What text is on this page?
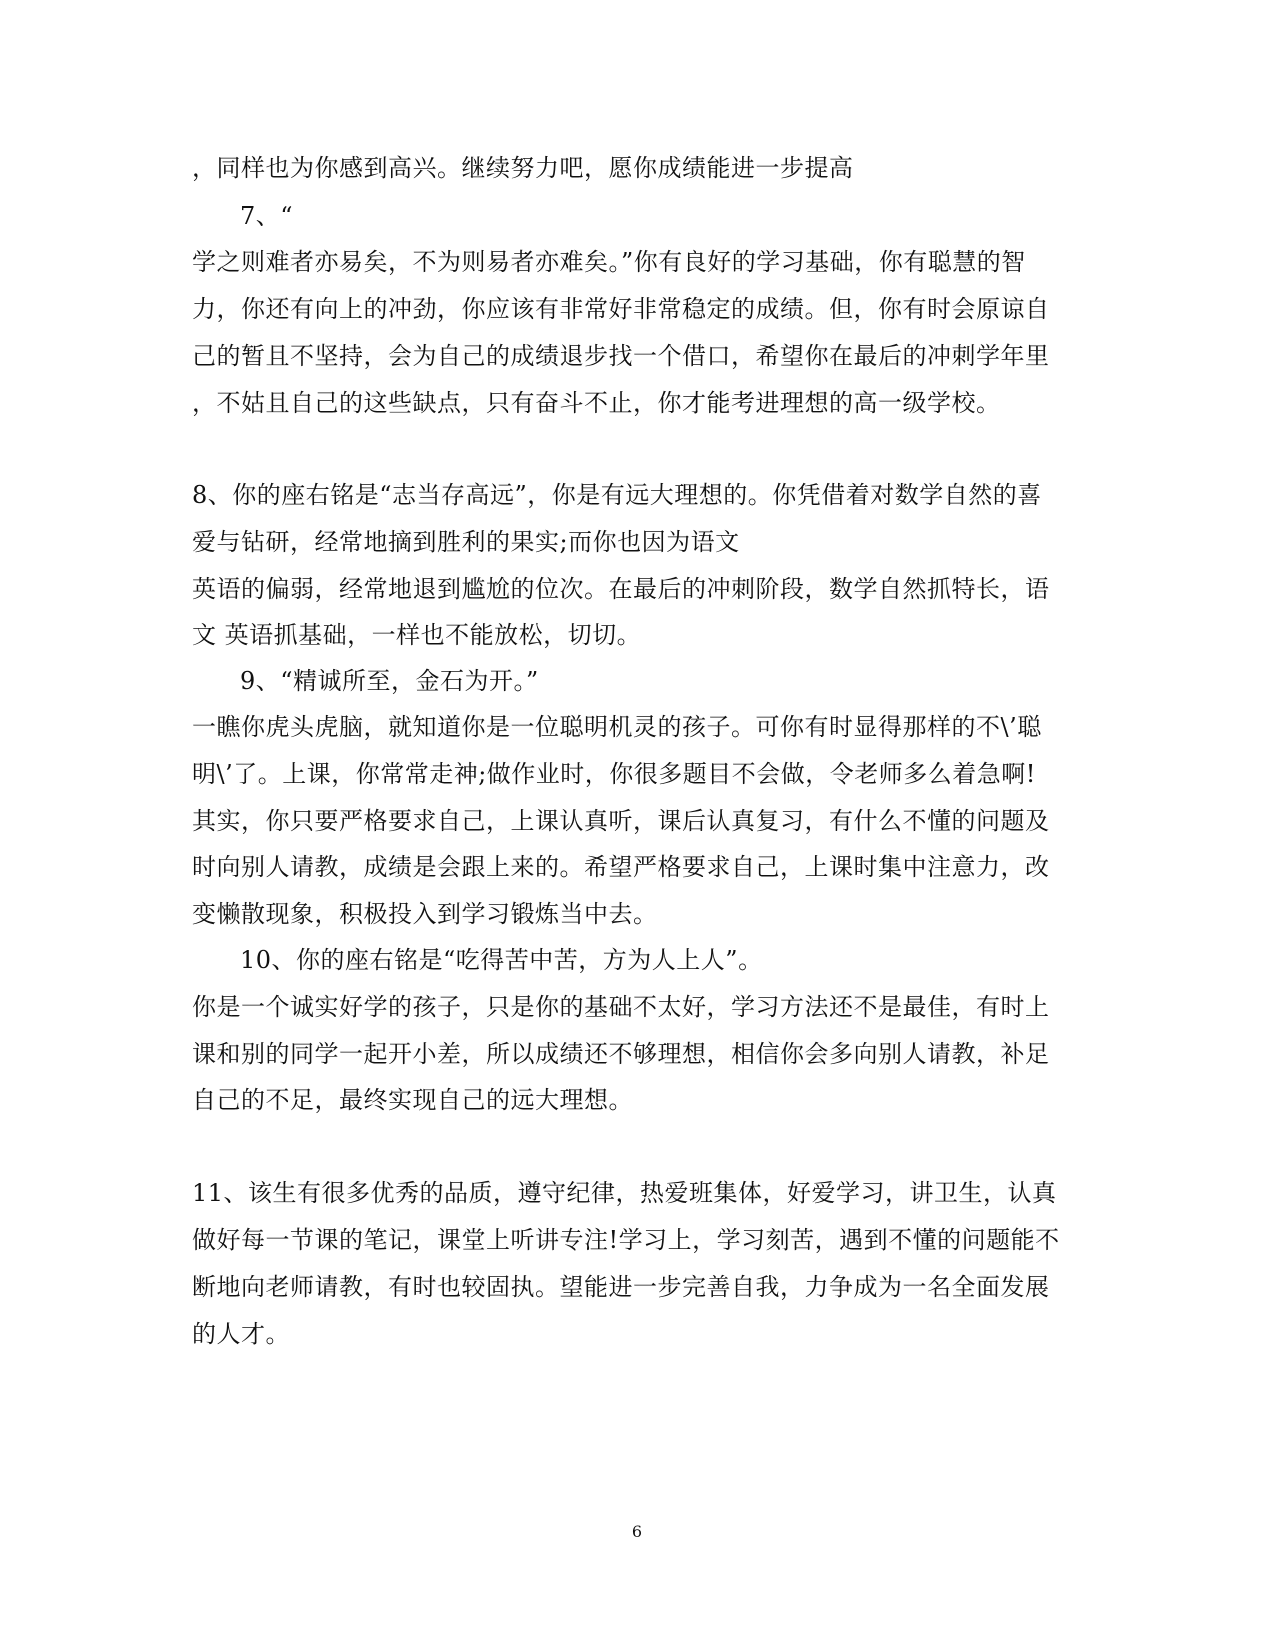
，同样也为你感到高兴。继续努力吧，愿你成绩能进一步提高
7、“
学之则难者亦易矣，不为则易者亦难矣。”你有良好的学习基础，你有聪慧的智
力，你还有向上的冲劲，你应该有非常好非常稳定的成绩。但，你有时会原谅自
己的暂且不坚持，会为自己的成绩退步找一个借口，希望你在最后的冲刺学年里
，不姑且自己的这些缺点，只有奋斗不止，你才能考进理想的高一级学校。
8、你的座右铭是“志当存高远”，你是有远大理想的。你凭借着对数学自然的喜
爱与钻研，经常地摘到胜利的果实;而你也因为语文
英语的偏弱，经常地退到尴尬的位次。在最后的冲刺阶段，数学自然抓特长，语
文 英语抓基础，一样也不能放松，切切。
9、“精诚所至，金石为开。”
一瞧你虎头虎脑，就知道你是一位聪明机灵的孩子。可你有时显得那样的不\’聪
明\’了。上课，你常常走神;做作业时，你很多题目不会做，令老师多么着急啊!
其实，你只要严格要求自己，上课认真听，课后认真复习，有什么不懂的问题及
时向别人请教，成绩是会跟上来的。希望严格要求自己，上课时集中注意力，改
变懒散现象，积极投入到学习锻炼当中去。
10、你的座右铭是“吃得苦中苦，方为人上人”。
你是一个诚实好学的孩子，只是你的基础不太好，学习方法还不是最佳，有时上
课和别的同学一起开小差，所以成绩还不够理想，相信你会多向别人请教，补足
自己的不足，最终实现自己的远大理想。
11、该生有很多优秀的品质，遵守纪律，热爱班集体，好爱学习，讲卫生，认真
做好每一节课的笔记，课堂上听讲专注!学习上，学习刻苦，遇到不懂的问题能不
断地向老师请教，有时也较固执。望能进一步完善自我，力争成为一名全面发展
的人才。
6
